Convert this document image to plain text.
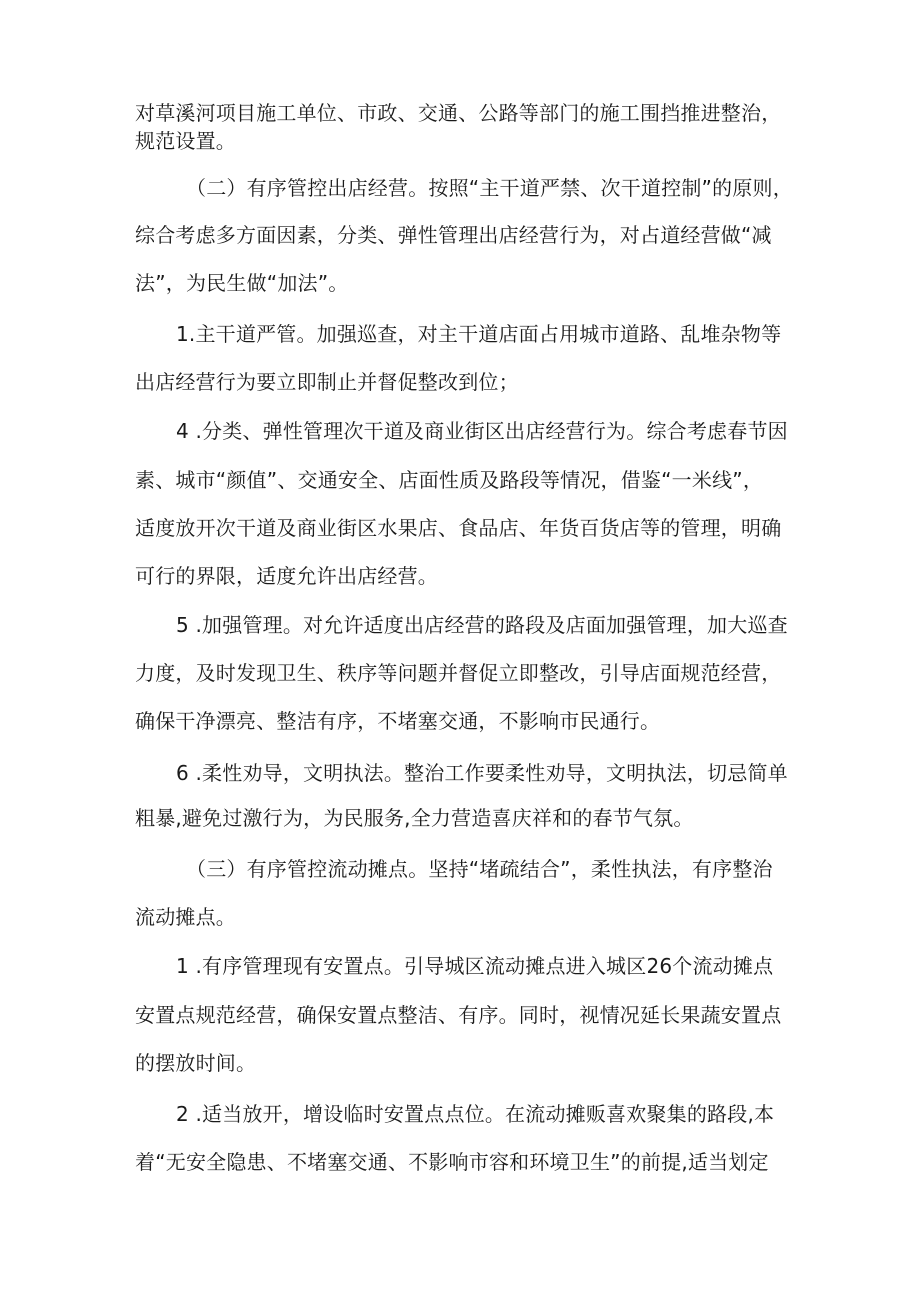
对草溪河项目施工单位、市政、交通、公路等部门的施工围挡推进整治，
规范设置。
（二）有序管控出店经营。按照“主干道严禁、次干道控制”的原则，
综合考虑多方面因素，分类、弹性管理出店经营行为，对占道经营做“减
法”，为民生做“加法”。
1.主干道严管。加强巡查，对主干道店面占用城市道路、乱堆杂物等
出店经营行为要立即制止并督促整改到位；
4 .分类、弹性管理次干道及商业街区出店经营行为。综合考虑春节因
素、城市“颜值”、交通安全、店面性质及路段等情况，借鉴“一米线”，
适度放开次干道及商业街区水果店、食品店、年货百货店等的管理，明确
可行的界限，适度允许出店经营。
5 .加强管理。对允许适度出店经营的路段及店面加强管理，加大巡查
力度，及时发现卫生、秩序等问题并督促立即整改，引导店面规范经营，
确保干净漂亮、整洁有序，不堵塞交通，不影响市民通行。
6 .柔性劝导，文明执法。整治工作要柔性劝导，文明执法，切忌简单
粗暴,避免过激行为，为民服务,全力营造喜庆祥和的春节气氛。
（三）有序管控流动摊点。坚持“堵疏结合”，柔性执法，有序整治
流动摊点。
1 .有序管理现有安置点。引导城区流动摊点进入城区26个流动摊点
安置点规范经营，确保安置点整洁、有序。同时，视情况延长果蔬安置点
的摆放时间。
2 .适当放开，增设临时安置点点位。在流动摊贩喜欢聚集的路段,本
着“无安全隐患、不堵塞交通、不影响市容和环境卫生”的前提,适当划定
